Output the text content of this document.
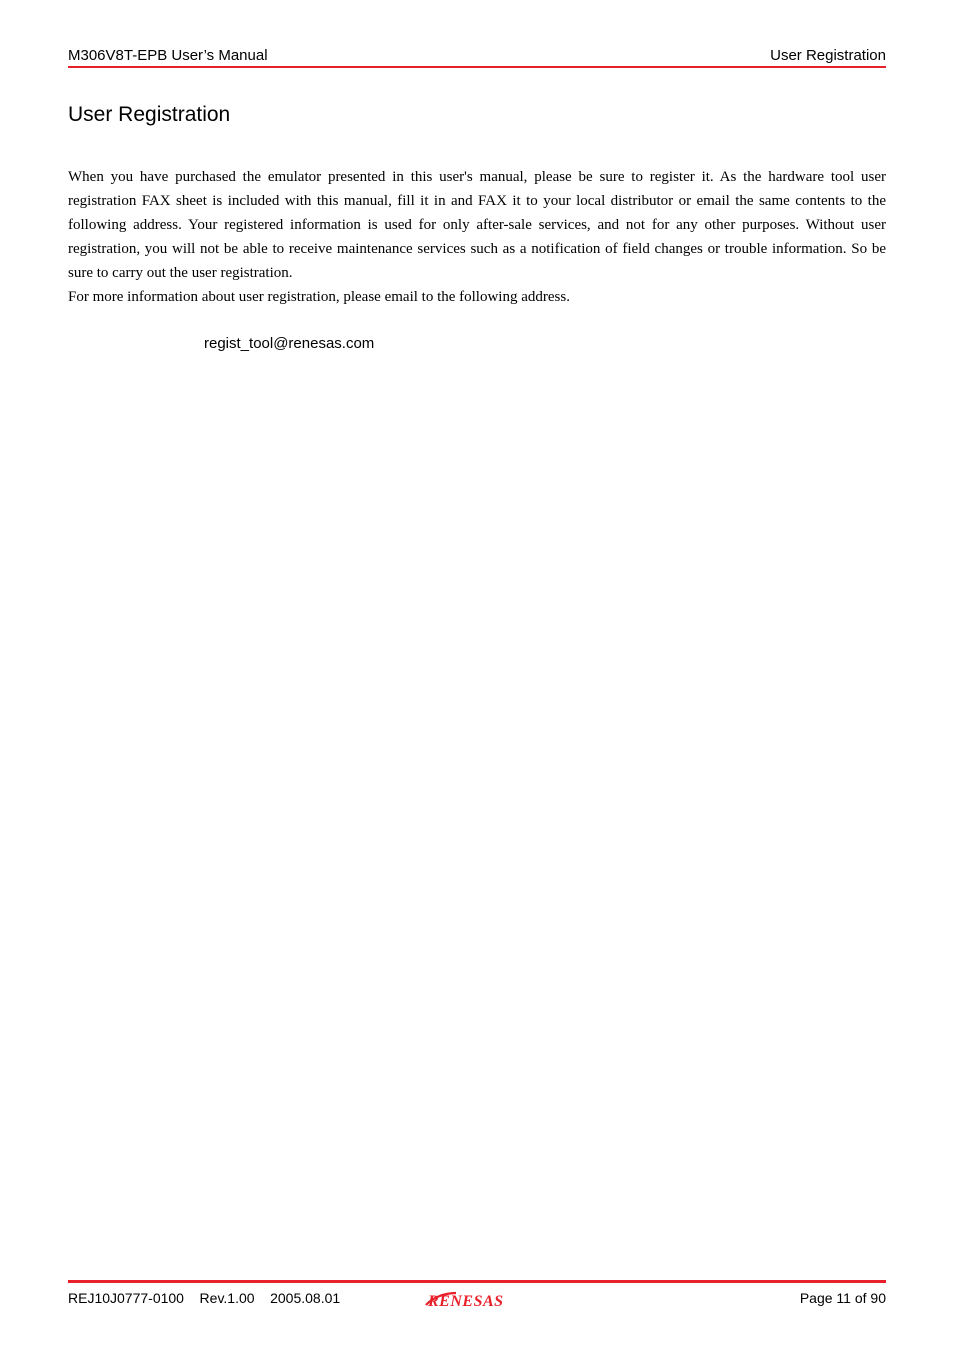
M306V8T-EPB User’s Manual	User Registration
User Registration

When you have purchased the emulator presented in this user's manual, please be sure to register it. As the hardware tool user registration FAX sheet is included with this manual, fill it in and FAX it to your local distributor or email the same contents to the following address. Your registered information is used for only after-sale services, and not for any other purposes. Without user registration, you will not be able to receive maintenance services such as a notification of field changes or trouble information. So be sure to carry out the user registration.

For more information about user registration, please email to the following address.

regist_tool@renesas.com
REJ10J0777-0100 Rev.1.00 2005.08.01	RENESAS	Page 11 of 90
